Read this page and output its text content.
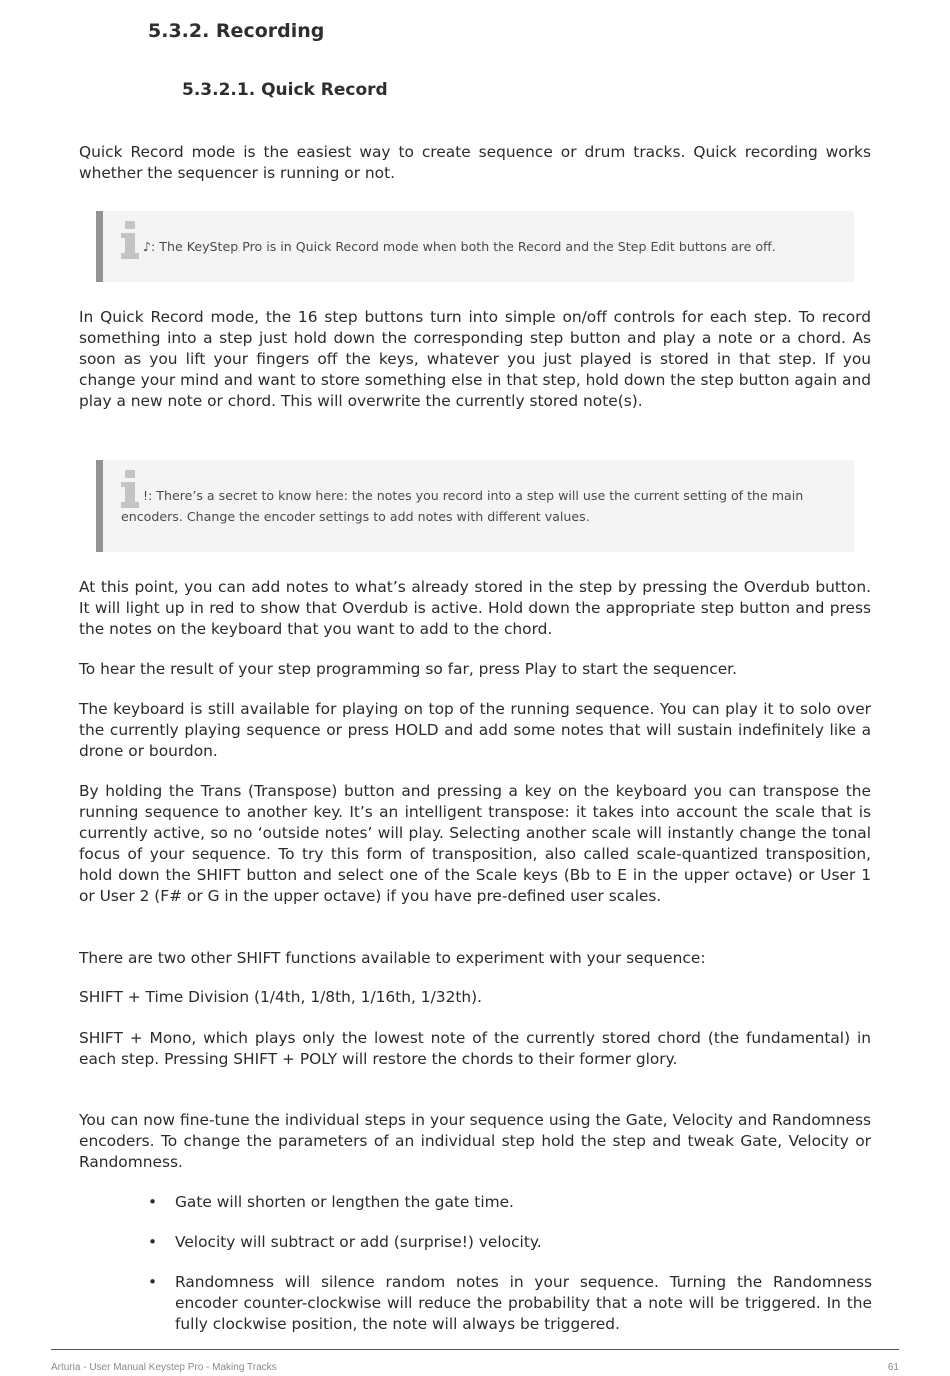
5.3.2. Recording
5.3.2.1. Quick Record

Quick Record mode is the easiest way to create sequence or drum tracks. Quick recording works whether the sequencer is running or not.

♪: The KeyStep Pro is in Quick Record mode when both the Record and the Step Edit buttons are off.

In Quick Record mode, the 16 step buttons turn into simple on/off controls for each step. To record something into a step just hold down the corresponding step button and play a note or a chord. As soon as you lift your fingers off the keys, whatever you just played is stored in that step. If you change your mind and want to store something else in that step, hold down the step button again and play a new note or chord. This will overwrite the currently stored note(s).

!: There’s a secret to know here: the notes you record into a step will use the current setting of the main encoders. Change the encoder settings to add notes with different values.

At this point, you can add notes to what’s already stored in the step by pressing the Overdub button. It will light up in red to show that Overdub is active. Hold down the appropriate step button and press the notes on the keyboard that you want to add to the chord.

To hear the result of your step programming so far, press Play to start the sequencer.

The keyboard is still available for playing on top of the running sequence. You can play it to solo over the currently playing sequence or press HOLD and add some notes that will sustain indefinitely like a drone or bourdon.

By holding the Trans (Transpose) button and pressing a key on the keyboard you can transpose the running sequence to another key. It’s an intelligent transpose: it takes into account the scale that is currently active, so no ‘outside notes’ will play. Selecting another scale will instantly change the tonal focus of your sequence. To try this form of transposition, also called scale-quantized transposition, hold down the SHIFT button and select one of the Scale keys (Bb to E in the upper octave) or User 1 or User 2 (F# or G in the upper octave) if you have pre-defined user scales.

There are two other SHIFT functions available to experiment with your sequence:

SHIFT + Time Division (1/4th, 1/8th, 1/16th, 1/32th).

SHIFT + Mono, which plays only the lowest note of the currently stored chord (the fundamental) in each step. Pressing SHIFT + POLY will restore the chords to their former glory.

You can now fine-tune the individual steps in your sequence using the Gate, Velocity and Randomness encoders. To change the parameters of an individual step hold the step and tweak Gate, Velocity or Randomness.

• Gate will shorten or lengthen the gate time.
• Velocity will subtract or add (surprise!) velocity.
• Randomness will silence random notes in your sequence. Turning the Randomness encoder counter-clockwise will reduce the probability that a note will be triggered. In the fully clockwise position, the note will always be triggered.
Arturia - User Manual Keystep Pro - Making Tracks	61
